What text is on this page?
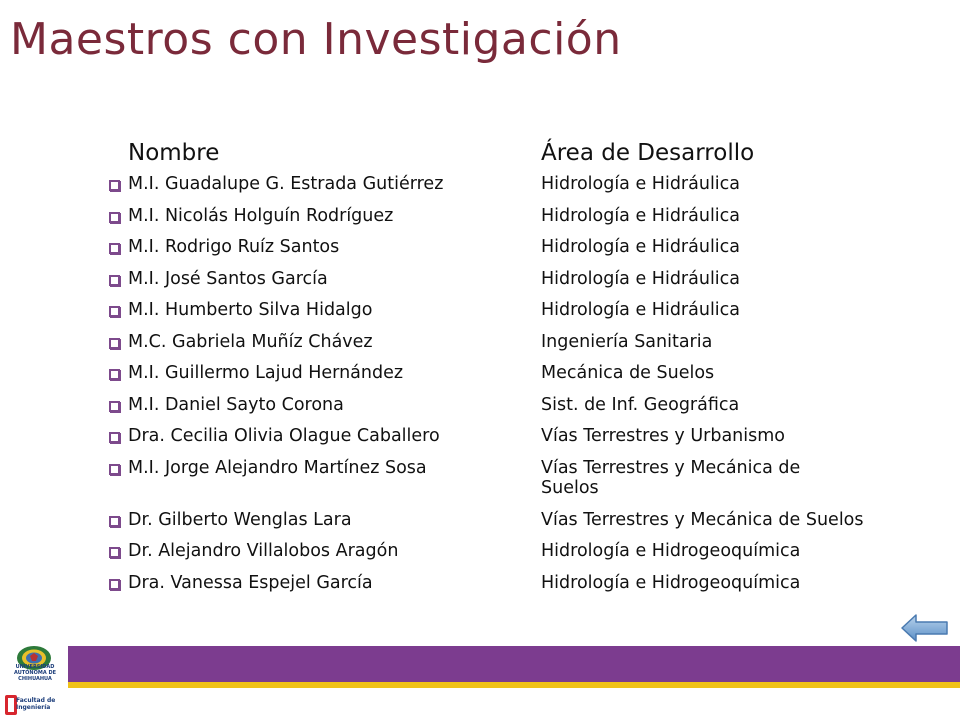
Maestros con Investigación
Nombre	Área de Desarrollo
M.I. Guadalupe G. Estrada Gutiérrez	Hidrología e Hidráulica
M.I. Nicolás Holguín Rodríguez	Hidrología e Hidráulica
M.I. Rodrigo Ruíz Santos	Hidrología e Hidráulica
M.I. José Santos García	Hidrología e Hidráulica
M.I. Humberto Silva Hidalgo	Hidrología e Hidráulica
M.C. Gabriela Muñíz Chávez	Ingeniería Sanitaria
M.I. Guillermo Lajud Hernández	Mecánica de Suelos
M.I. Daniel Sayto Corona	Sist. de Inf. Geográfica
Dra. Cecilia Olivia Olague Caballero	Vías Terrestres y Urbanismo
M.I. Jorge Alejandro Martínez Sosa	Vías Terrestres y Mecánica de Suelos
Dr. Gilberto Wenglas Lara	Vías Terrestres y Mecánica de Suelos
Dr. Alejandro Villalobos Aragón	Hidrología e Hidrogeoquímica
Dra. Vanessa Espejel García	Hidrología e Hidrogeoquímica
UNIVERSIDAD AUTÓNOMA DE CHIHUAHUA
Facultad de
Ingeniería
